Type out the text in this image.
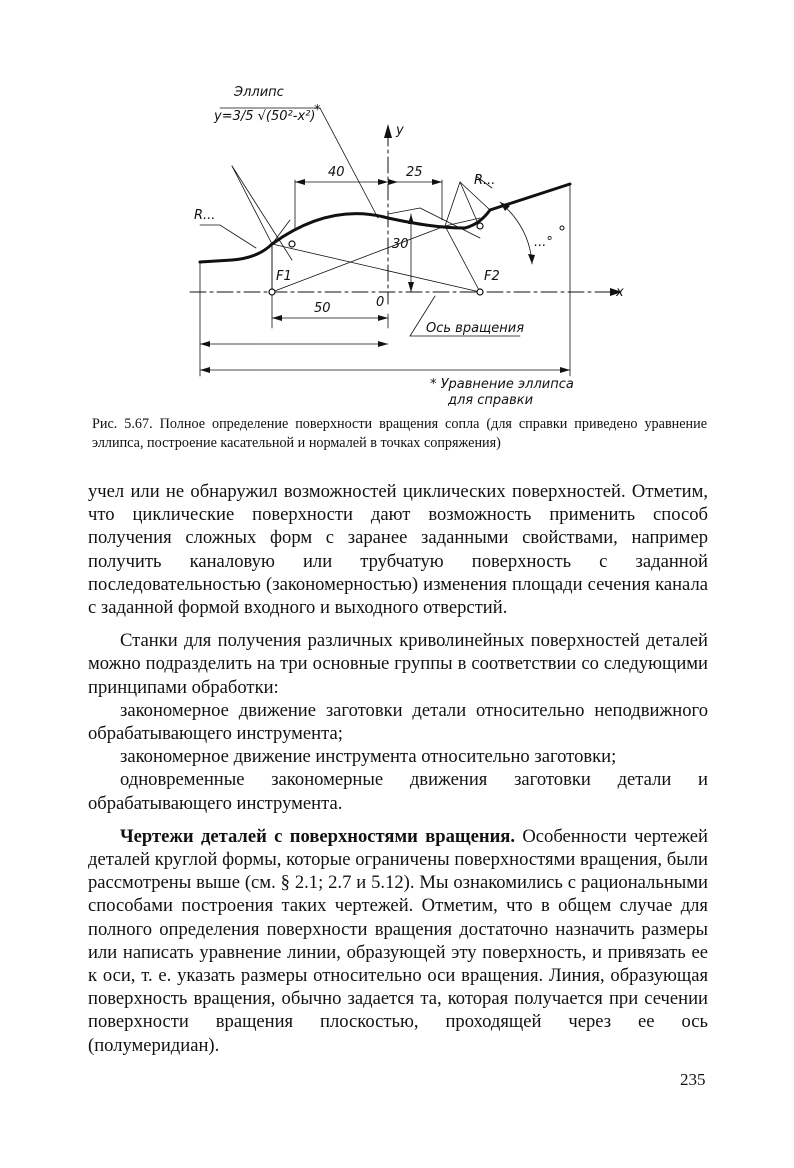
Эллипс
y=3/5 √(50²-x²)
*
y
x
40	25
30
50	0
R...
R...
...°
F1	F2
Ось вращения
* Уравнение эллипса
для справки
Рис. 5.67. Полное определение поверхности вращения сопла (для справки приведено уравнение эллипса, построение касательной и нормалей в точках сопряжения)

учел или не обнаружил возможностей циклических поверхностей. Отметим, что циклические поверхности дают возможность применить способ получения сложных форм с заранее заданными свойствами, например получить каналовую или трубчатую поверхность с заданной последовательностью (закономерностью) изменения площади сечения канала с заданной формой входного и выходного отверстий.

Станки для получения различных криволинейных поверхностей деталей можно подразделить на три основные группы в соответствии со следующими принципами обработки:

закономерное движение заготовки детали относительно неподвижного обрабатывающего инструмента;

закономерное движение инструмента относительно заготовки;

одновременные закономерные движения заготовки детали и обрабатывающего инструмента.

Чертежи деталей с поверхностями вращения. Особенности чертежей деталей круглой формы, которые ограничены поверхностями вращения, были рассмотрены выше (см. § 2.1; 2.7 и 5.12). Мы ознакомились с рациональными способами построения таких чертежей. Отметим, что в общем случае для полного определения поверхности вращения достаточно назначить размеры или написать уравнение линии, образующей эту поверхность, и привязать ее к оси, т. е. указать размеры относительно оси вращения. Линия, образующая поверхность вращения, обычно задается та, которая получается при сечении поверхности вращения плоскостью, проходящей через ее ось (полумеридиан).

235
